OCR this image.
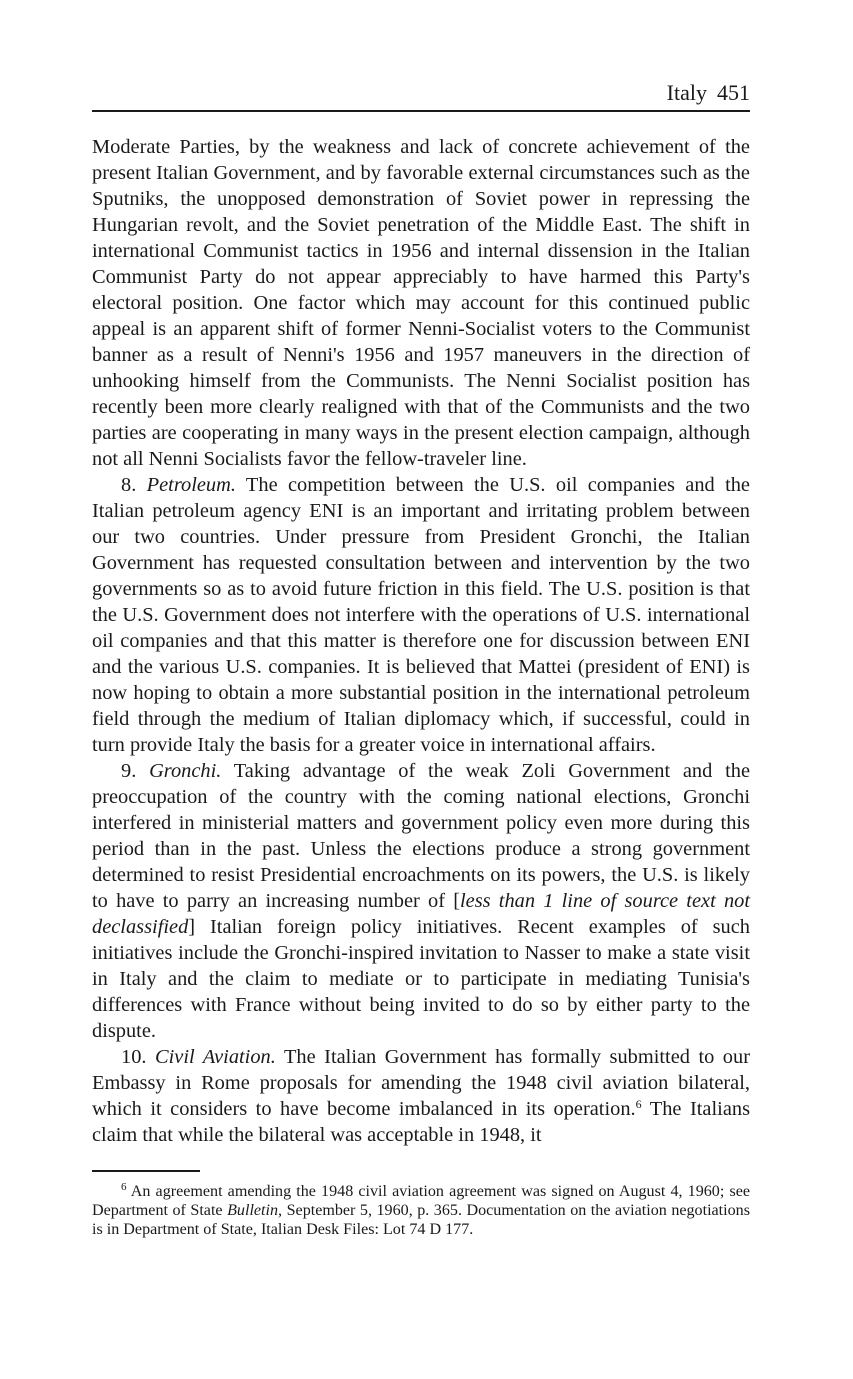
Italy 451

Moderate Parties, by the weakness and lack of concrete achievement of the present Italian Government, and by favorable external circumstances such as the Sputniks, the unopposed demonstration of Soviet power in repressing the Hungarian revolt, and the Soviet penetration of the Middle East. The shift in international Communist tactics in 1956 and internal dissension in the Italian Communist Party do not appear appreciably to have harmed this Party's electoral position. One factor which may account for this continued public appeal is an apparent shift of former Nenni-Socialist voters to the Communist banner as a result of Nenni's 1956 and 1957 maneuvers in the direction of unhooking himself from the Communists. The Nenni Socialist position has recently been more clearly realigned with that of the Communists and the two parties are cooperating in many ways in the present election campaign, although not all Nenni Socialists favor the fellow-traveler line.

8. Petroleum. The competition between the U.S. oil companies and the Italian petroleum agency ENI is an important and irritating problem between our two countries. Under pressure from President Gronchi, the Italian Government has requested consultation between and intervention by the two governments so as to avoid future friction in this field. The U.S. position is that the U.S. Government does not interfere with the operations of U.S. international oil companies and that this matter is therefore one for discussion between ENI and the various U.S. companies. It is believed that Mattei (president of ENI) is now hoping to obtain a more substantial position in the international petroleum field through the medium of Italian diplomacy which, if successful, could in turn provide Italy the basis for a greater voice in international affairs.

9. Gronchi. Taking advantage of the weak Zoli Government and the preoccupation of the country with the coming national elections, Gronchi interfered in ministerial matters and government policy even more during this period than in the past. Unless the elections produce a strong government determined to resist Presidential encroachments on its powers, the U.S. is likely to have to parry an increasing number of [less than 1 line of source text not declassified] Italian foreign policy initiatives. Recent examples of such initiatives include the Gronchi-inspired invitation to Nasser to make a state visit in Italy and the claim to mediate or to participate in mediating Tunisia's differences with France without being invited to do so by either party to the dispute.

10. Civil Aviation. The Italian Government has formally submitted to our Embassy in Rome proposals for amending the 1948 civil aviation bilateral, which it considers to have become imbalanced in its operation.$^6$ The Italians claim that while the bilateral was acceptable in 1948, it

$^6$ An agreement amending the 1948 civil aviation agreement was signed on August 4, 1960; see Department of State Bulletin, September 5, 1960, p. 365. Documentation on the aviation negotiations is in Department of State, Italian Desk Files: Lot 74 D 177.
